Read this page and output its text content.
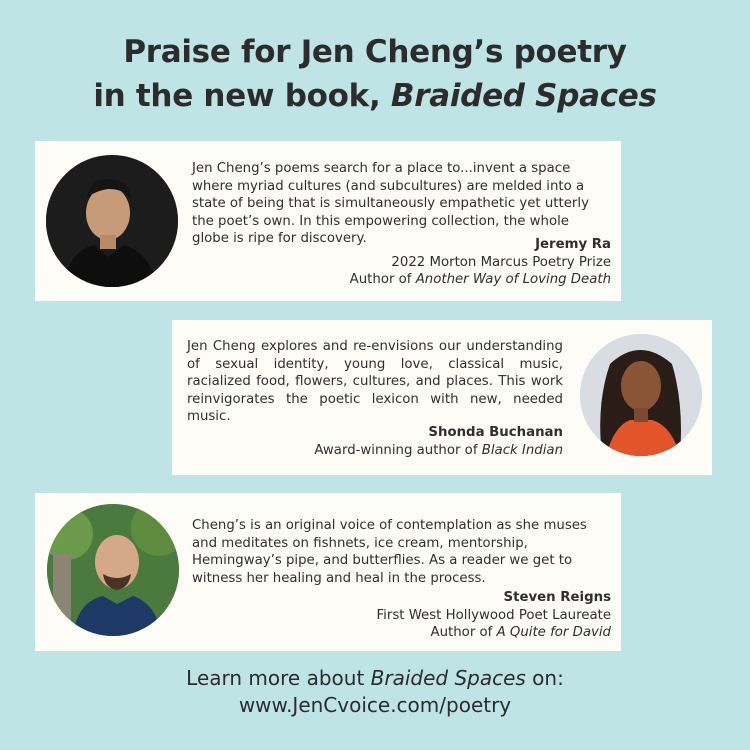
Praise for Jen Cheng’s poetry
in the new book, Braided Spaces
Jen Cheng’s poems search for a place to...invent a space where myriad cultures (and subcultures) are melded into a state of being that is simultaneously empathetic yet utterly the poet’s own. In this empowering collection, the whole globe is ripe for discovery.	Jeremy Ra
2022 Morton Marcus Poetry Prize
Author of Another Way of Loving Death
Jen Cheng explores and re-envisions our understanding of sexual identity, young love, classical music, racialized food, flowers, cultures, and places. This work reinvigorates the poetic lexicon with new, needed music.
Shonda Buchanan
Award-winning author of Black Indian
Cheng’s is an original voice of contemplation as she muses and meditates on fishnets, ice cream, mentorship, Hemingway’s pipe, and butterflies. As a reader we get to witness her healing and heal in the process.
Steven Reigns
First West Hollywood Poet Laureate
Author of A Quite for David
Learn more about Braided Spaces on:
www.JenCvoice.com/poetry
